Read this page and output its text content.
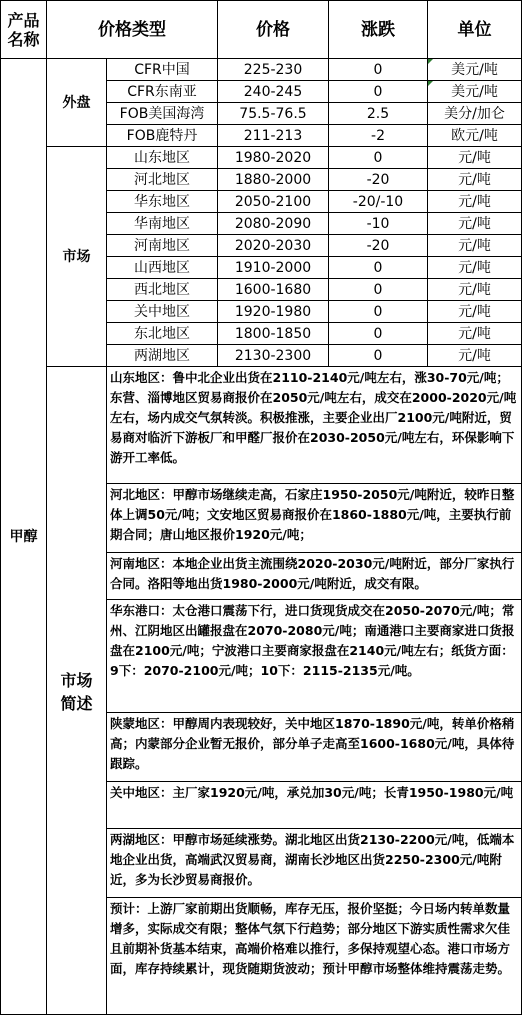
产品
名称	价格类型		价格	涨跌	单位
甲醇	外盘	CFR中国	225-230	0	美元/吨
		CFR东南亚	240-245	0	美元/吨
		FOB美国海湾	75.5-76.5	2.5	美分/加仑
		FOB鹿特丹	211-213	-2	欧元/吨
	市场	山东地区	1980-2020	0	元/吨
		河北地区	1880-2000	-20	元/吨
		华东地区	2050-2100	-20/-10	元/吨
		华南地区	2080-2090	-10	元/吨
		河南地区	2020-2030	-20	元/吨
		山西地区	1910-2000	0	元/吨
		西北地区	1600-1680	0	元/吨
		关中地区	1920-1980	0	元/吨
		东北地区	1800-1850	0	元/吨
		两湖地区	2130-2300	0	元/吨
	市场
简述	山东地区：鲁中北企业出货在2110-2140元/吨左右，涨30-70元/吨；东营、淄博地区贸易商报价在2050元/吨左右，成交在2000-2020元/吨左右，场内成交气氛转淡。积极推涨，主要企业出厂2100元/吨附近，贸易商对临沂下游板厂和甲醛厂报价在2030-2050元/吨左右，环保影响下游开工率低。			
		河北地区：甲醇市场继续走高，石家庄1950-2050元/吨附近，较昨日整体上调50元/吨；文安地区贸易商报价在1860-1880元/吨，主要执行前期合同；唐山地区报价1920元/吨；			
		河南地区：本地企业出货主流围绕2020-2030元/吨附近，部分厂家执行合同。洛阳等地出货1980-2000元/吨附近，成交有限。			
		华东港口：太仓港口震荡下行，进口货现货成交在2050-2070元/吨；常州、江阴地区出罐报盘在2070-2080元/吨；南通港口主要商家进口货报盘在2100元/吨；宁波港口主要商家报盘在2140元/吨左右；纸货方面：9下：2070-2100元/吨；10下：2115-2135元/吨。			
		陕蒙地区：甲醇周内表现较好，关中地区1870-1890元/吨，转单价格稍高；内蒙部分企业暂无报价，部分单子走高至1600-1680元/吨，具体待跟踪。			
		关中地区：主厂家1920元/吨，承兑加30元/吨；长青1950-1980元/吨			
		两湖地区：甲醇市场延续涨势。湖北地区出货2130-2200元/吨，低端本地企业出货，高端武汉贸易商，湖南长沙地区出货2250-2300元/吨附近，多为长沙贸易商报价。			
		预计：上游厂家前期出货顺畅，库存无压，报价坚挺；今日场内转单数量增多，实际成交有限；整体气氛下行趋势；部分地区下游实质性需求欠佳且前期补货基本结束，高端价格难以推行，多保持观望心态。港口市场方面，库存持续累计，现货随期货波动；预计甲醇市场整体维持震荡走势。			
